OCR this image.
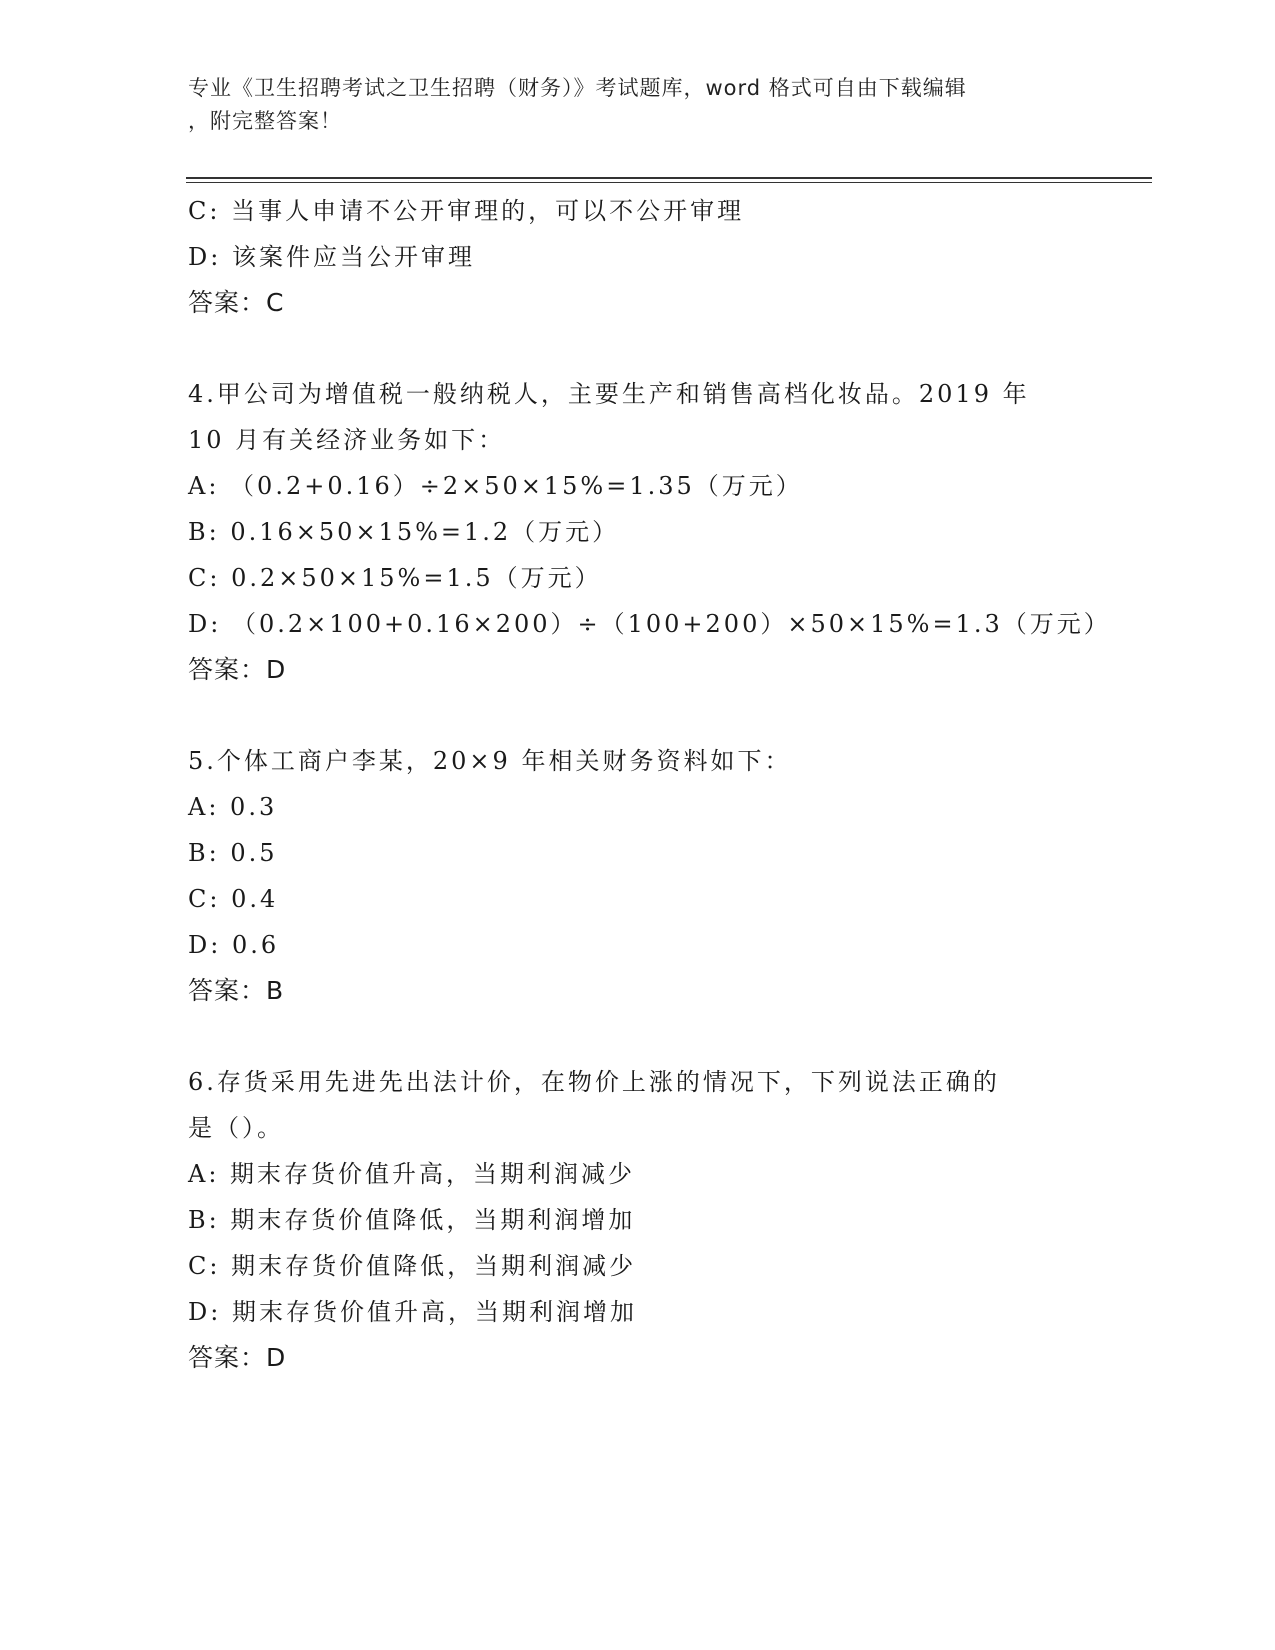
专业《卫生招聘考试之卫生招聘（财务）》考试题库，word 格式可自由下载编辑
，附完整答案！
C: 当事人申请不公开审理的，可以不公开审理
D: 该案件应当公开审理
答案：C
4.甲公司为增值税一般纳税人，主要生产和销售高档化妆品。2019 年
10 月有关经济业务如下：
A: （0.2+0.16）÷2×50×15%=1.35（万元）
B: 0.16×50×15%=1.2（万元）
C: 0.2×50×15%=1.5（万元）
D: （0.2×100+0.16×200）÷（100+200）×50×15%=1.3（万元）
答案：D
5.个体工商户李某，20×9 年相关财务资料如下：
A: 0.3
B: 0.5
C: 0.4
D: 0.6
答案：B
6.存货采用先进先出法计价，在物价上涨的情况下，下列说法正确的
是（）。
A: 期末存货价值升高，当期利润减少
B: 期末存货价值降低，当期利润增加
C: 期末存货价值降低，当期利润减少
D: 期末存货价值升高，当期利润增加
答案：D
